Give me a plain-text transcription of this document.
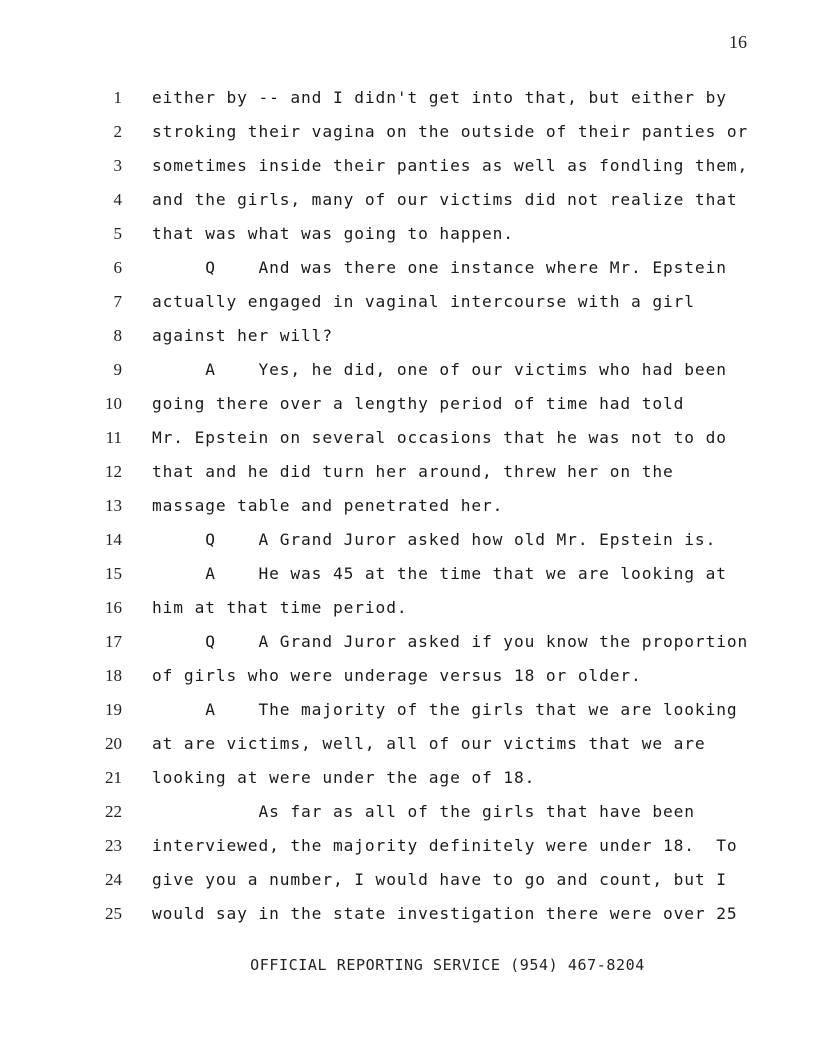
16
1 either by -- and I didn't get into that, but either by
2 stroking their vagina on the outside of their panties or
3 sometimes inside their panties as well as fondling them,
4 and the girls, many of our victims did not realize that
5 that was what was going to happen.
6 Q    And was there one instance where Mr. Epstein
7 actually engaged in vaginal intercourse with a girl
8 against her will?
9 A    Yes, he did, one of our victims who had been
10 going there over a lengthy period of time had told
11 Mr. Epstein on several occasions that he was not to do
12 that and he did turn her around, threw her on the
13 massage table and penetrated her.
14 Q    A Grand Juror asked how old Mr. Epstein is.
15 A    He was 45 at the time that we are looking at
16 him at that time period.
17 Q    A Grand Juror asked if you know the proportion
18 of girls who were underage versus 18 or older.
19 A    The majority of the girls that we are looking
20 at are victims, well, all of our victims that we are
21 looking at were under the age of 18.
22 As far as all of the girls that have been
23 interviewed, the majority definitely were under 18.  To
24 give you a number, I would have to go and count, but I
25 would say in the state investigation there were over 25
OFFICIAL REPORTING SERVICE (954) 467-8204
